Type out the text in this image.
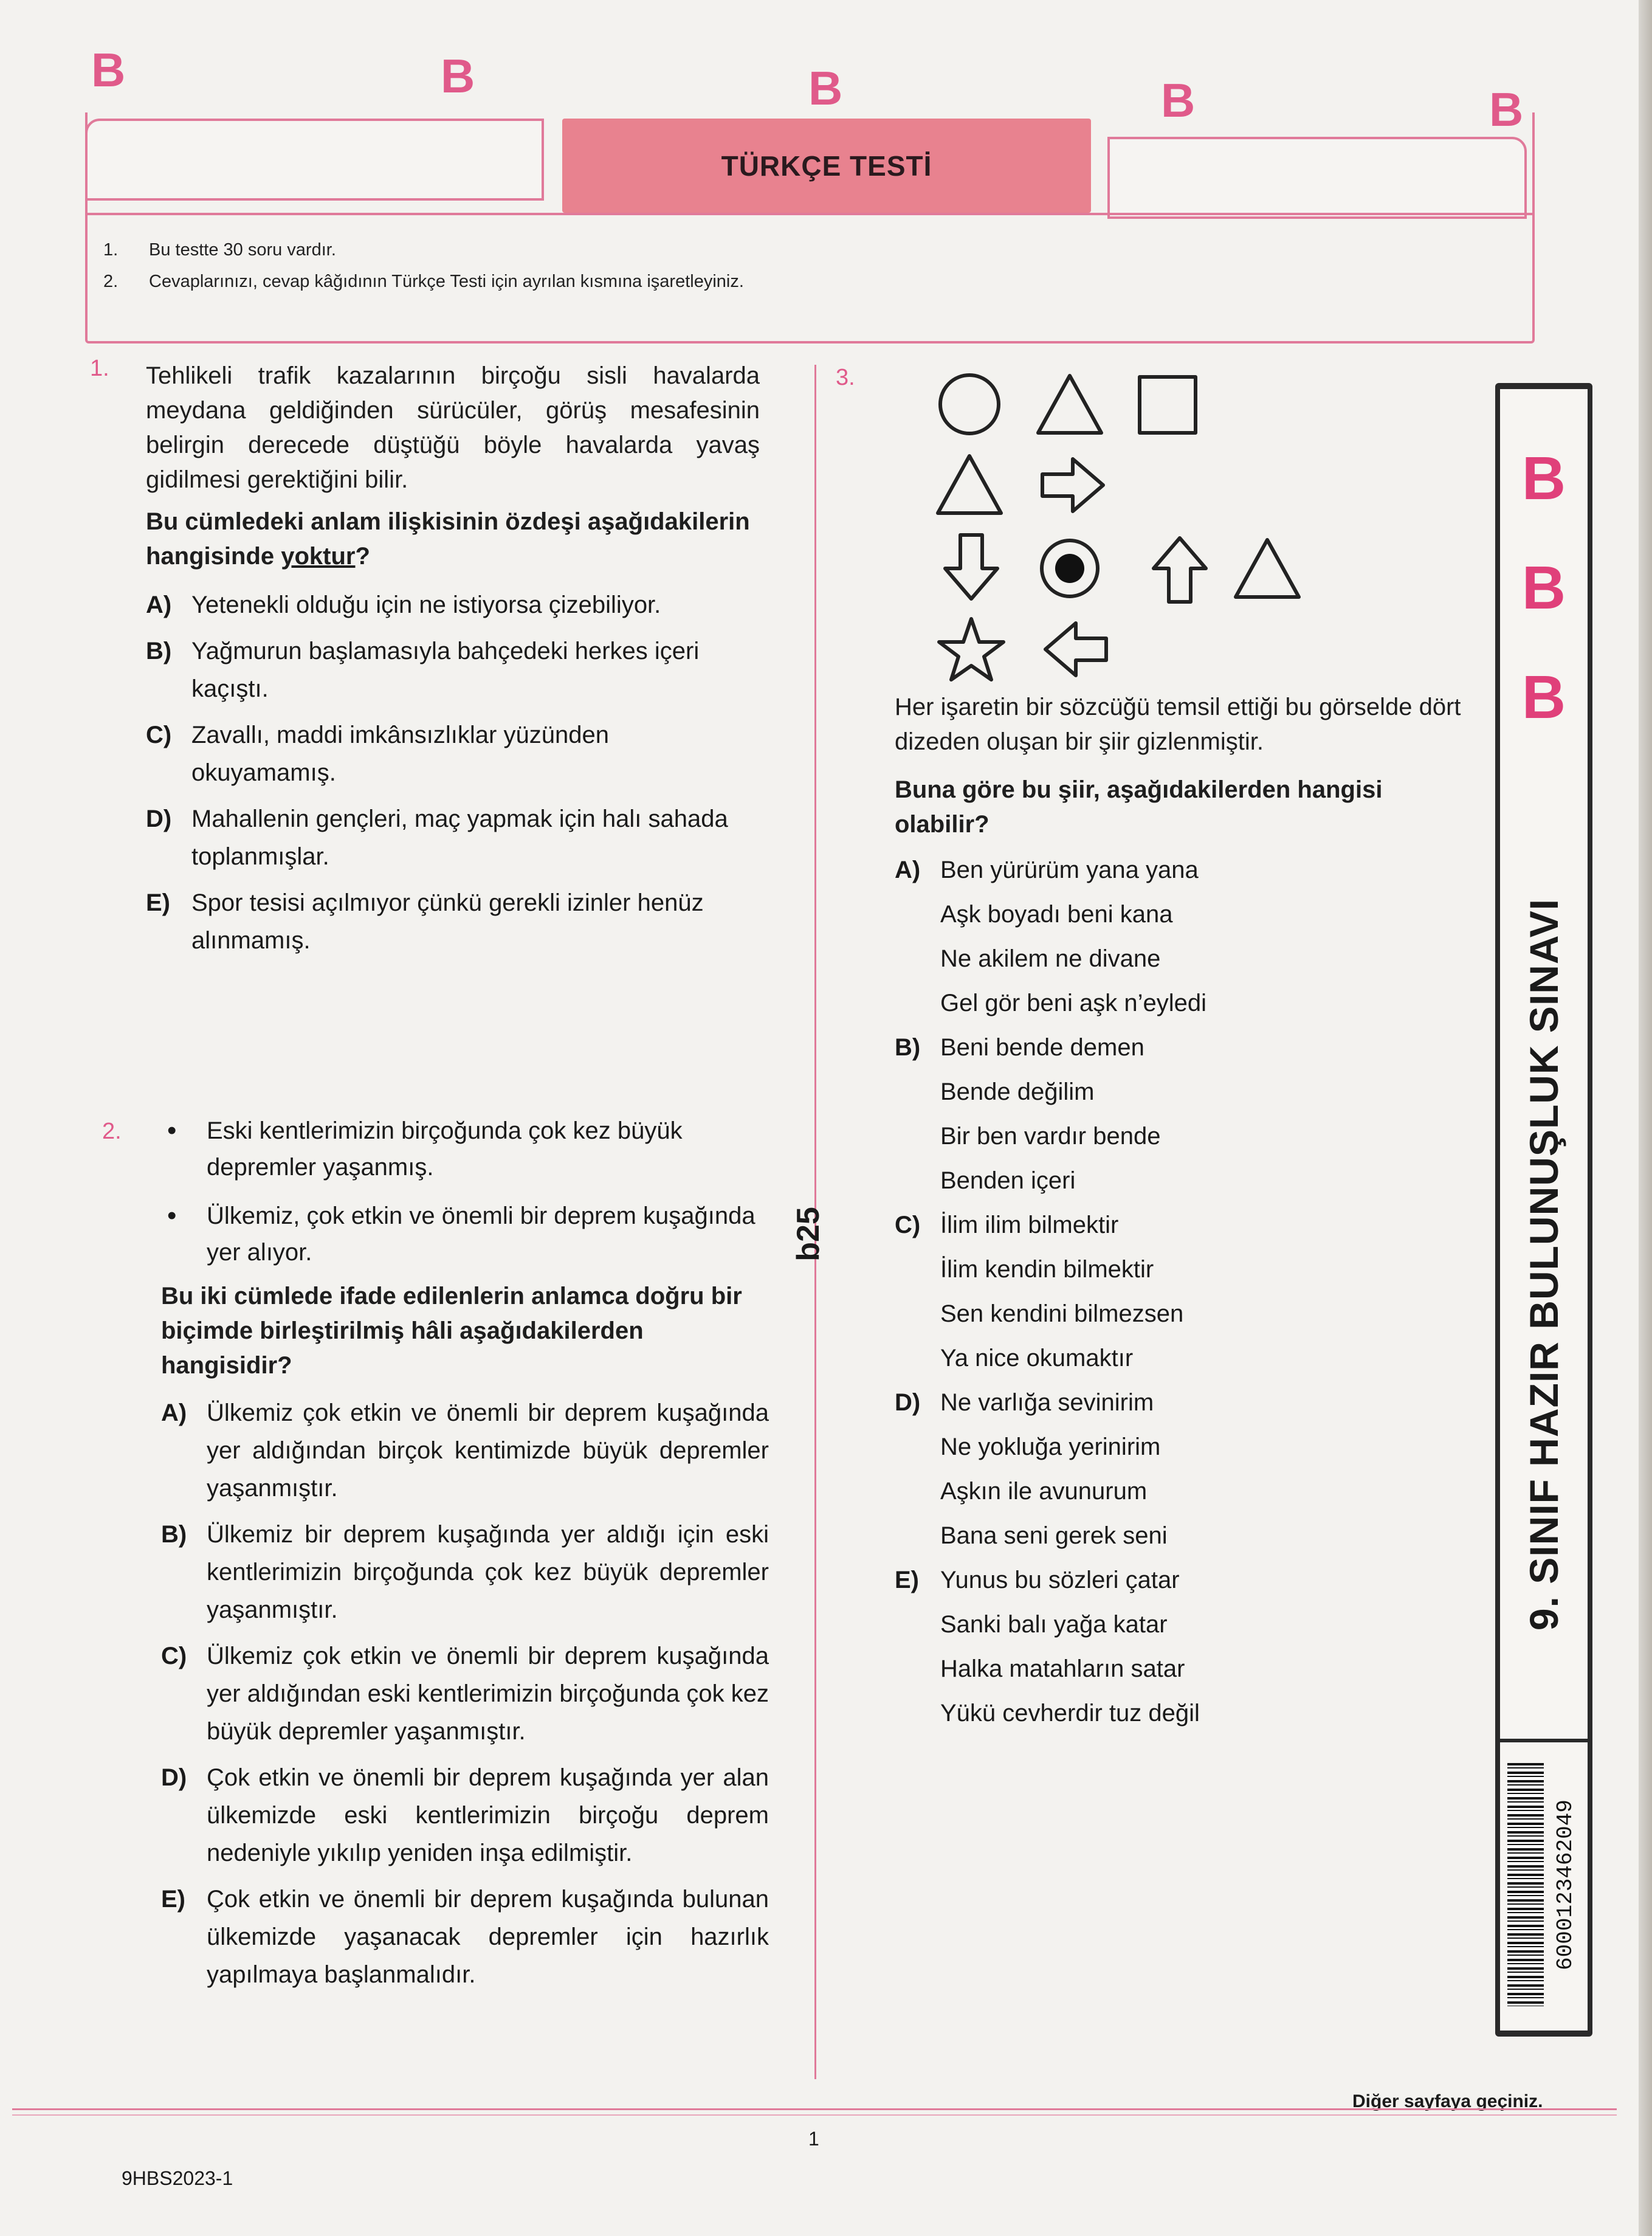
B	B	B	B	B
TÜRKÇE TESTİ
1. Bu testte 30 soru vardır.
2. Cevaplarınızı, cevap kâğıdının Türkçe Testi için ayrılan kısmına işaretleyiniz.
1. Tehlikeli trafik kazalarının birçoğu sisli havalarda meydana geldiğinden sürücüler, görüş mesafesinin belirgin derecede düştüğü böyle havalarda yavaş gidilmesi gerektiğini bilir.
Bu cümledeki anlam ilişkisinin özdeşi aşağıdakilerin hangisinde yoktur?
A) Yetenekli olduğu için ne istiyorsa çizebiliyor.
B) Yağmurun başlamasıyla bahçedeki herkes içeri kaçıştı.
C) Zavallı, maddi imkânsızlıklar yüzünden okuyamamış.
D) Mahallenin gençleri, maç yapmak için halı sahada toplanmışlar.
E) Spor tesisi açılmıyor çünkü gerekli izinler henüz alınmamış.
2.
•	Eski kentlerimizin birçoğunda çok kez büyük depremler yaşanmış.
• Ülkemiz, çok etkin ve önemli bir deprem kuşağında yer alıyor.
Bu iki cümlede ifade edilenlerin anlamca doğru bir biçimde birleştirilmiş hâli aşağıdakilerden hangisidir?
A) Ülkemiz çok etkin ve önemli bir deprem kuşağında yer aldığından birçok kentimizde büyük depremler yaşanmıştır.
B) Ülkemiz bir deprem kuşağında yer aldığı için eski kentlerimizin birçoğunda çok kez büyük depremler yaşanmıştır.
C) Ülkemiz çok etkin ve önemli bir deprem kuşağında yer aldığından eski kentlerimizin birçoğunda çok kez büyük depremler yaşanmıştır.
D) Çok etkin ve önemli bir deprem kuşağında yer alan ülkemizde eski kentlerimizin birçoğu deprem nedeniyle yıkılıp yeniden inşa edilmiştir.
E) Çok etkin ve önemli bir deprem kuşağında bulunan ülkemizde yaşanacak depremler için hazırlık yapılmaya başlanmalıdır.
b25
3.
Her işaretin bir sözcüğü temsil ettiği bu görselde dört dizeden oluşan bir şiir gizlenmiştir.
Buna göre bu şiir, aşağıdakilerden hangisi olabilir?
A) Ben yürürüm yana yana
Aşk boyadı beni kana
Ne akilem ne divane
Gel gör beni aşk n’eyledi
B) Beni bende demen
Bende değilim
Bir ben vardır bende
Benden içeri
C) İlim ilim bilmektir
İlim kendin bilmektir
Sen kendini bilmezsen
Ya nice okumaktır
D) Ne varlığa sevinirim
Ne yokluğa yerinirim
Aşkın ile avunurum
Bana seni gerek seni
E) Yunus bu sözleri çatar
Sanki balı yağa katar
Halka matahların satar
Yükü cevherdir tuz değil
B
B
B
9. SINIF HAZIR BULUNUŞLUK SINAVI
6000123462049
Diğer sayfaya geçiniz.
1
9HBS2023-1
